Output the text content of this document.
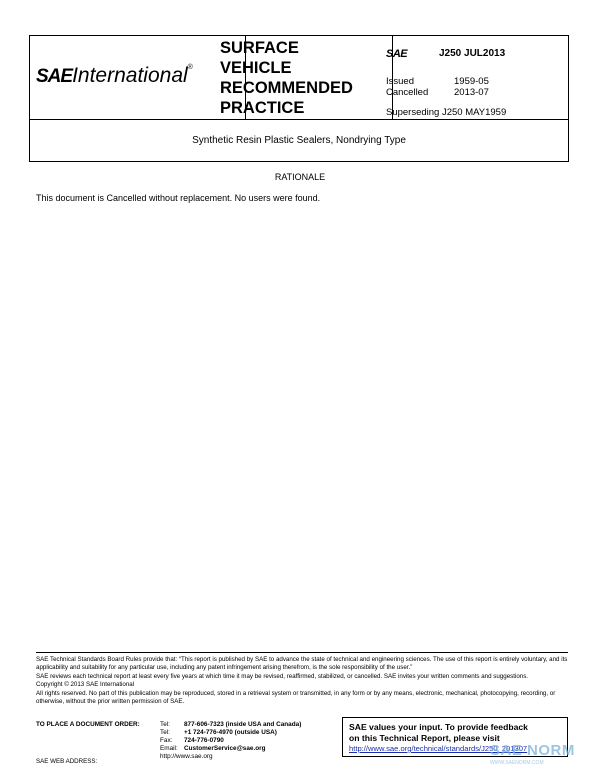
SAEInternational®
SURFACE
VEHICLE
RECOMMENDED
PRACTICE
SAE	J250 JUL2013
Issued	1959-05
Cancelled	2013-07
Superseding J250 MAY1959
Synthetic Resin Plastic Sealers, Nondrying Type
RATIONALE
This document is Cancelled without replacement. No users were found.

SAE Technical Standards Board Rules provide that: “This report is published by SAE to advance the state of technical and engineering sciences. The use of this report is entirely voluntary, and its applicability and suitability for any particular use, including any patent infringement arising therefrom, is the sole responsibility of the user.”

SAE reviews each technical report at least every five years at which time it may be revised, reaffirmed, stabilized, or cancelled. SAE invites your written comments and suggestions.

Copyright © 2013 SAE International

All rights reserved. No part of this publication may be reproduced, stored in a retrieval system or transmitted, in any form or by any means, electronic, mechanical, photocopying, recording, or otherwise, without the prior written permission of SAE.

TO PLACE A DOCUMENT ORDER:	Tel: 877-606-7323 (inside USA and Canada)
Tel: +1 724-776-4970 (outside USA)
Fax: 724-776-0790
Email: CustomerService@sae.org
http://www.sae.org
SAE WEB ADDRESS:
SAE values your input. To provide feedback
on this Technical Report, please visit
http://www.sae.org/technical/standards/J250_201307
SAE NORM
WWW.SAENORM.COM
